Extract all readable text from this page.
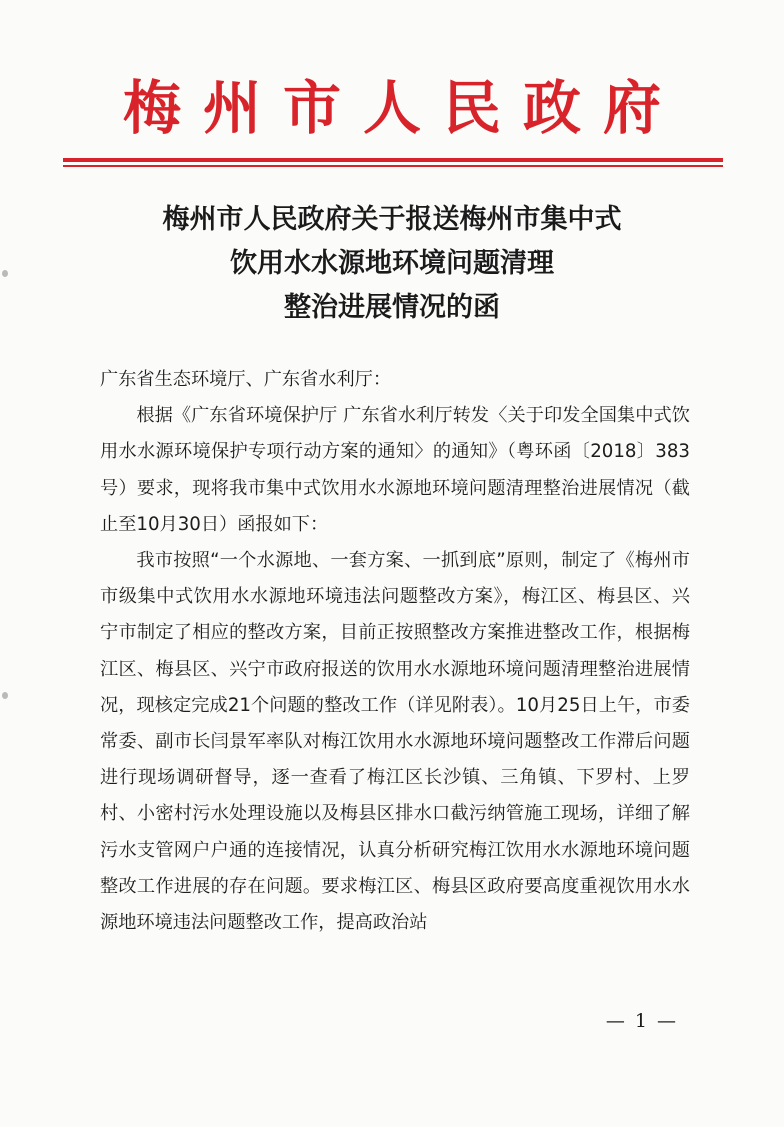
梅州市人民政府
梅州市人民政府关于报送梅州市集中式
饮用水水源地环境问题清理
整治进展情况的函

广东省生态环境厅、广东省水利厅：

根据《广东省环境保护厅 广东省水利厅转发〈关于印发全国集中式饮用水水源环境保护专项行动方案的通知〉的通知》（粤环函〔2018〕383号）要求，现将我市集中式饮用水水源地环境问题清理整治进展情况（截止至10月30日）函报如下：

我市按照“一个水源地、一套方案、一抓到底”原则，制定了《梅州市市级集中式饮用水水源地环境违法问题整改方案》，梅江区、梅县区、兴宁市制定了相应的整改方案，目前正按照整改方案推进整改工作，根据梅江区、梅县区、兴宁市政府报送的饮用水水源地环境问题清理整治进展情况，现核定完成21个问题的整改工作（详见附表）。10月25日上午，市委常委、副市长闫景军率队对梅江饮用水水源地环境问题整改工作滞后问题进行现场调研督导，逐一查看了梅江区长沙镇、三角镇、下罗村、上罗村、小密村污水处理设施以及梅县区排水口截污纳管施工现场，详细了解污水支管网户户通的连接情况，认真分析研究梅江饮用水水源地环境问题整改工作进展的存在问题。要求梅江区、梅县区政府要高度重视饮用水水源地环境违法问题整改工作，提高政治站

— 1 —
